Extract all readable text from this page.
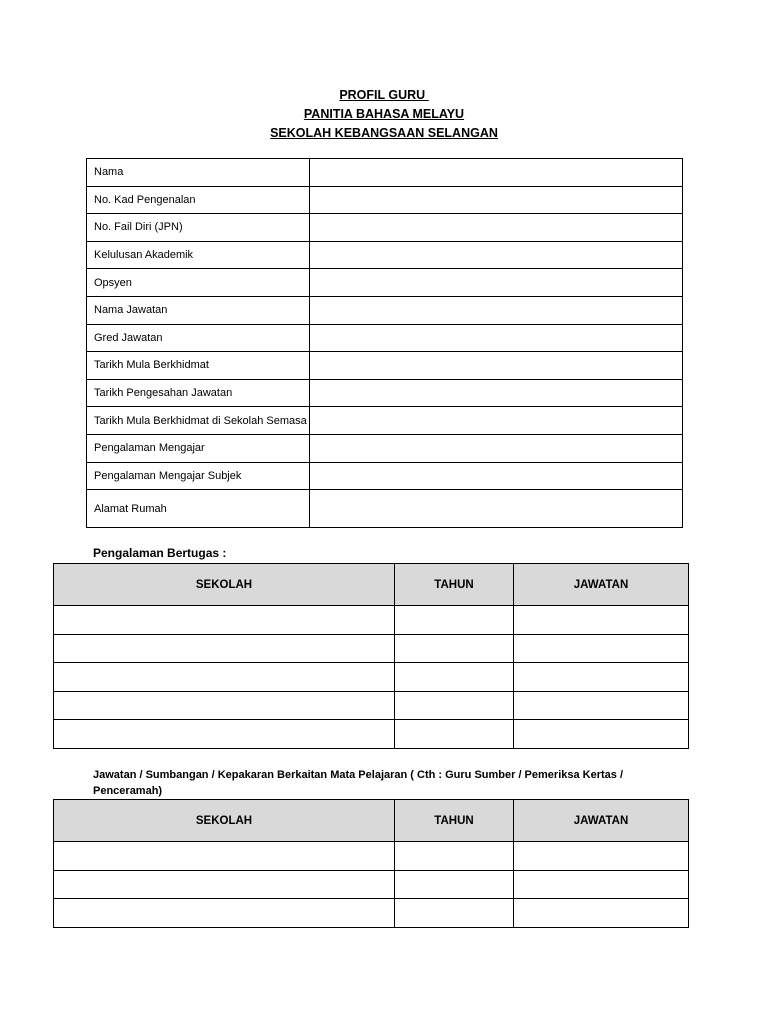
PROFIL GURU
PANITIA BAHASA MELAYU
SEKOLAH KEBANGSAAN SELANGAN
Nama	
No. Kad Pengenalan	
No. Fail Diri (JPN)	
Kelulusan Akademik	
Opsyen	
Nama Jawatan	
Gred Jawatan	
Tarikh Mula Berkhidmat	
Tarikh Pengesahan Jawatan	
Tarikh Mula Berkhidmat di Sekolah Semasa	
Pengalaman Mengajar	
Pengalaman Mengajar Subjek	
Alamat Rumah	
Pengalaman Bertugas :
SEKOLAH	TAHUN	JAWATAN

Jawatan / Sumbangan / Kepakaran Berkaitan Mata Pelajaran ( Cth : Guru Sumber / Pemeriksa Kertas / Penceramah)
SEKOLAH	TAHUN	JAWATAN
